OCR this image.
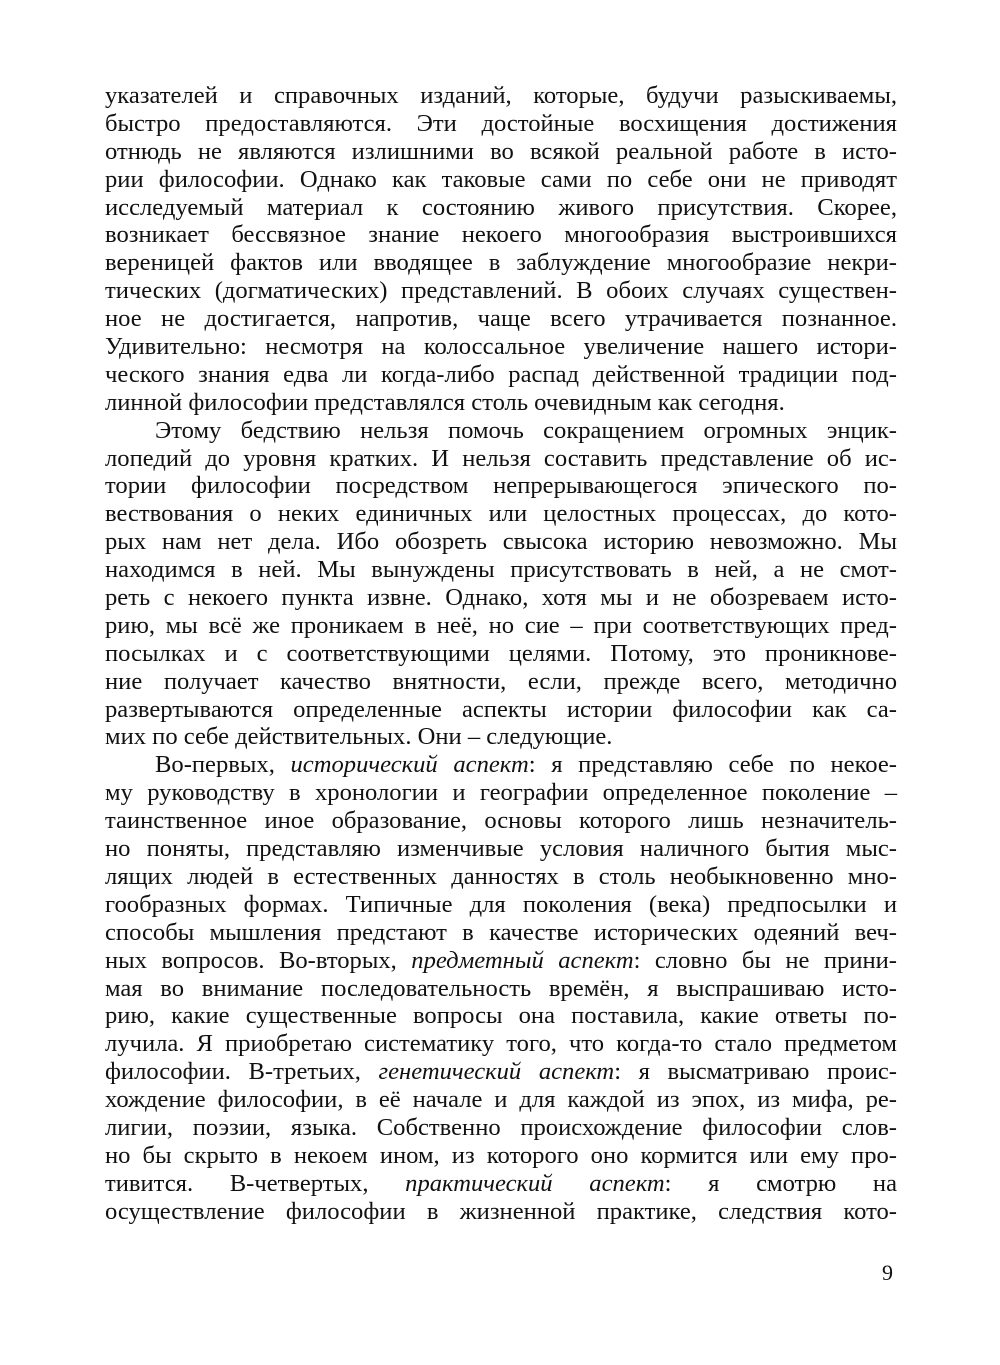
указателей и справочных изданий, которые, будучи разыскиваемы,
быстро предоставляются. Эти достойные восхищения достижения
отнюдь не являются излишними во всякой реальной работе в исто-
рии философии. Однако как таковые сами по себе они не приводят
исследуемый материал к состоянию живого присутствия. Скорее,
возникает бессвязное знание некоего многообразия выстроившихся
вереницей фактов или вводящее в заблуждение многообразие некри-
тических (догматических) представлений. В обоих случаях существен-
ное не достигается, напротив, чаще всего утрачивается познанное.
Удивительно: несмотря на колоссальное увеличение нашего истори-
ческого знания едва ли когда-либо распад действенной традиции под-
линной философии представлялся столь очевидным как сегодня.
Этому бедствию нельзя помочь сокращением огромных энцик-
лопедий до уровня кратких. И нельзя составить представление об ис-
тории философии посредством непрерывающегося эпического по-
вествования о неких единичных или целостных процессах, до кото-
рых нам нет дела. Ибо обозреть свысока историю невозможно. Мы
находимся в ней. Мы вынуждены присутствовать в ней, а не смот-
реть с некоего пункта извне. Однако, хотя мы и не обозреваем исто-
рию, мы всё же проникаем в неё, но сие – при соответствующих пред-
посылках и с соответствующими целями. Потому, это проникнове-
ние получает качество внятности, если, прежде всего, методично
развертываются определенные аспекты истории философии как са-
мих по себе действительных. Они – следующие.
Во-первых, исторический аспект: я представляю себе по некое-
му руководству в хронологии и географии определенное поколение –
таинственное иное образование, основы которого лишь незначитель-
но поняты, представляю изменчивые условия наличного бытия мыс-
лящих людей в естественных данностях в столь необыкновенно мно-
гообразных формах. Типичные для поколения (века) предпосылки и
способы мышления предстают в качестве исторических одеяний веч-
ных вопросов. Во-вторых, предметный аспект: словно бы не прини-
мая во внимание последовательность времён, я выспрашиваю исто-
рию, какие существенные вопросы она поставила, какие ответы по-
лучила. Я приобретаю систематику того, что когда-то стало предметом
философии. В-третьих, генетический аспект: я высматриваю проис-
хождение философии, в её начале и для каждой из эпох, из мифа, ре-
лигии, поэзии, языка. Собственно происхождение философии слов-
но бы скрыто в некоем ином, из которого оно кормится или ему про-
тивится. В-четвертых, практический аспект: я смотрю на
осуществление философии в жизненной практике, следствия кото-
9
